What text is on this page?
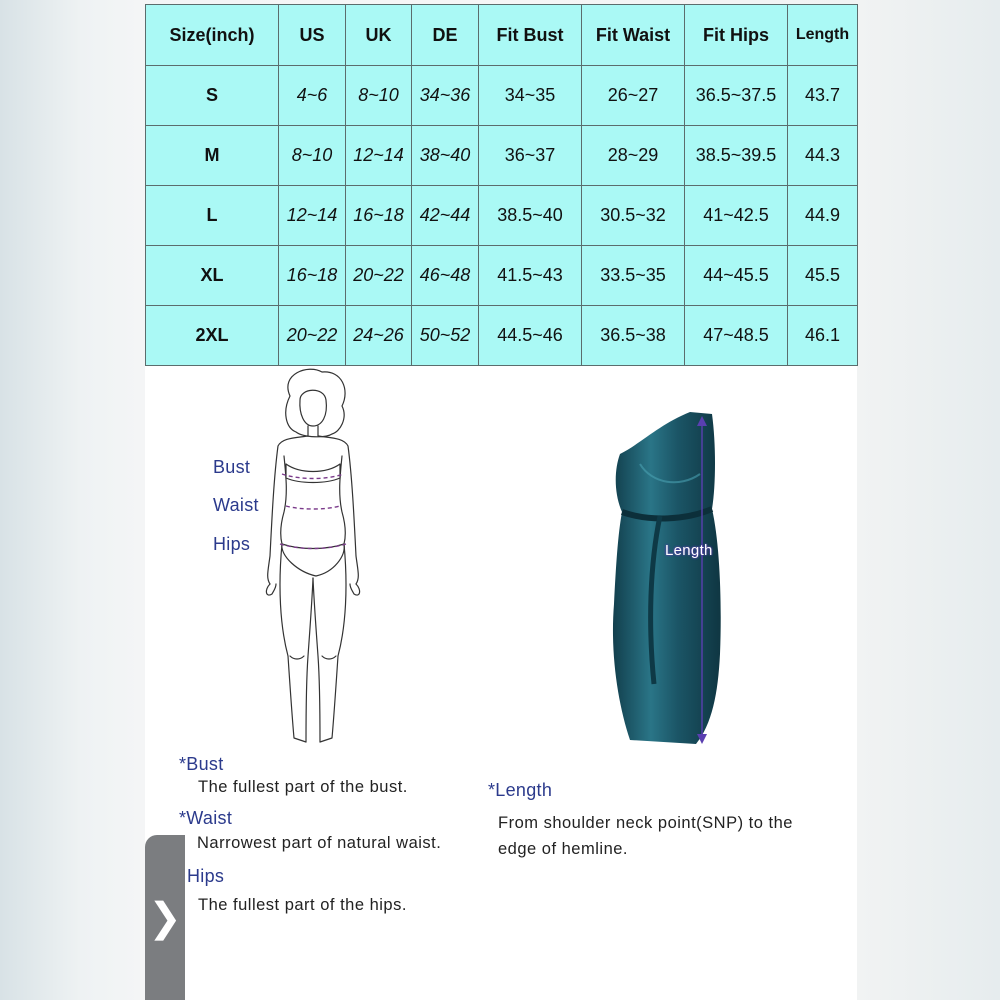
Size(inch)	US	UK	DE	Fit Bust	Fit Waist	Fit Hips	Length
S	4~6	8~10	34~36	34~35	26~27	36.5~37.5	43.7
M	8~10	12~14	38~40	36~37	28~29	38.5~39.5	44.3
L	12~14	16~18	42~44	38.5~40	30.5~32	41~42.5	44.9
XL	16~18	20~22	46~48	41.5~43	33.5~35	44~45.5	45.5
2XL	20~22	24~26	50~52	44.5~46	36.5~38	47~48.5	46.1
Bust
Waist
Hips	Length
*Bust
The fullest part of the bust.
*Waist
Narrowest part of natural waist.
Hips
The fullest part of the hips.
*Length
From shoulder neck point(SNP) to the
edge of hemline.
❯
